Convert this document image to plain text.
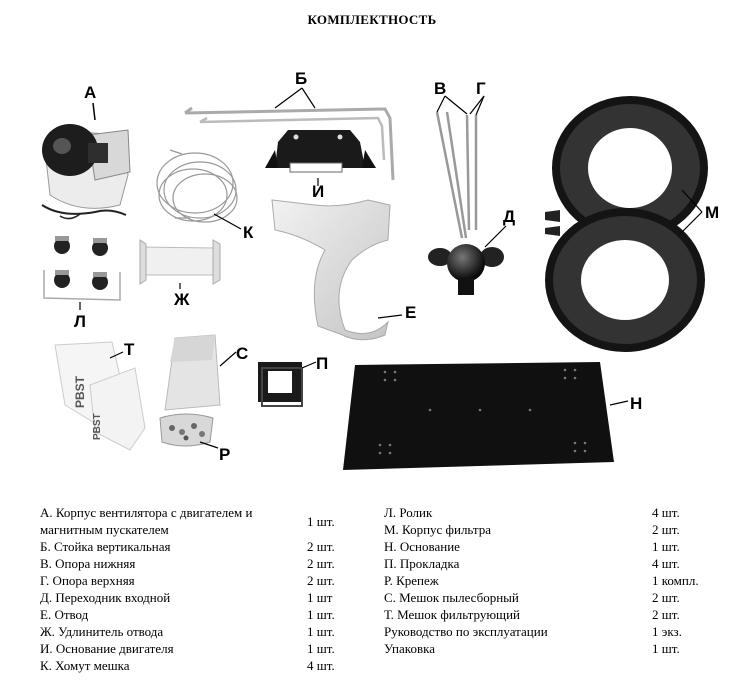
КОМПЛЕКТНОСТЬ
А
Б
И
К
В Г
Д	М
Л
Ж
Е
PBST
PBST
Т	С
Р
П
Н
А. Корпус вентилятора с двигателем и магнитным пускателем
1 шт.
Б. Стойка вертикальная	2 шт.
В. Опора нижняя	2 шт.
Г. Опора верхняя	2 шт.
Д. Переходник входной	1 шт
Е. Отвод	1 шт.
Ж. Удлинитель отвода	1 шт.
И. Основание двигателя	1 шт.
К. Хомут мешка	4 шт.
Л. Ролик	4 шт.
М. Корпус фильтра	2 шт.
Н. Основание	1 шт.
П. Прокладка	4 шт.
Р. Крепеж	1 компл.
С. Мешок пылесборный	2 шт.
Т. Мешок фильтрующий	2 шт.
Руководство по эксплуатации	1 экз.
Упаковка	1 шт.
